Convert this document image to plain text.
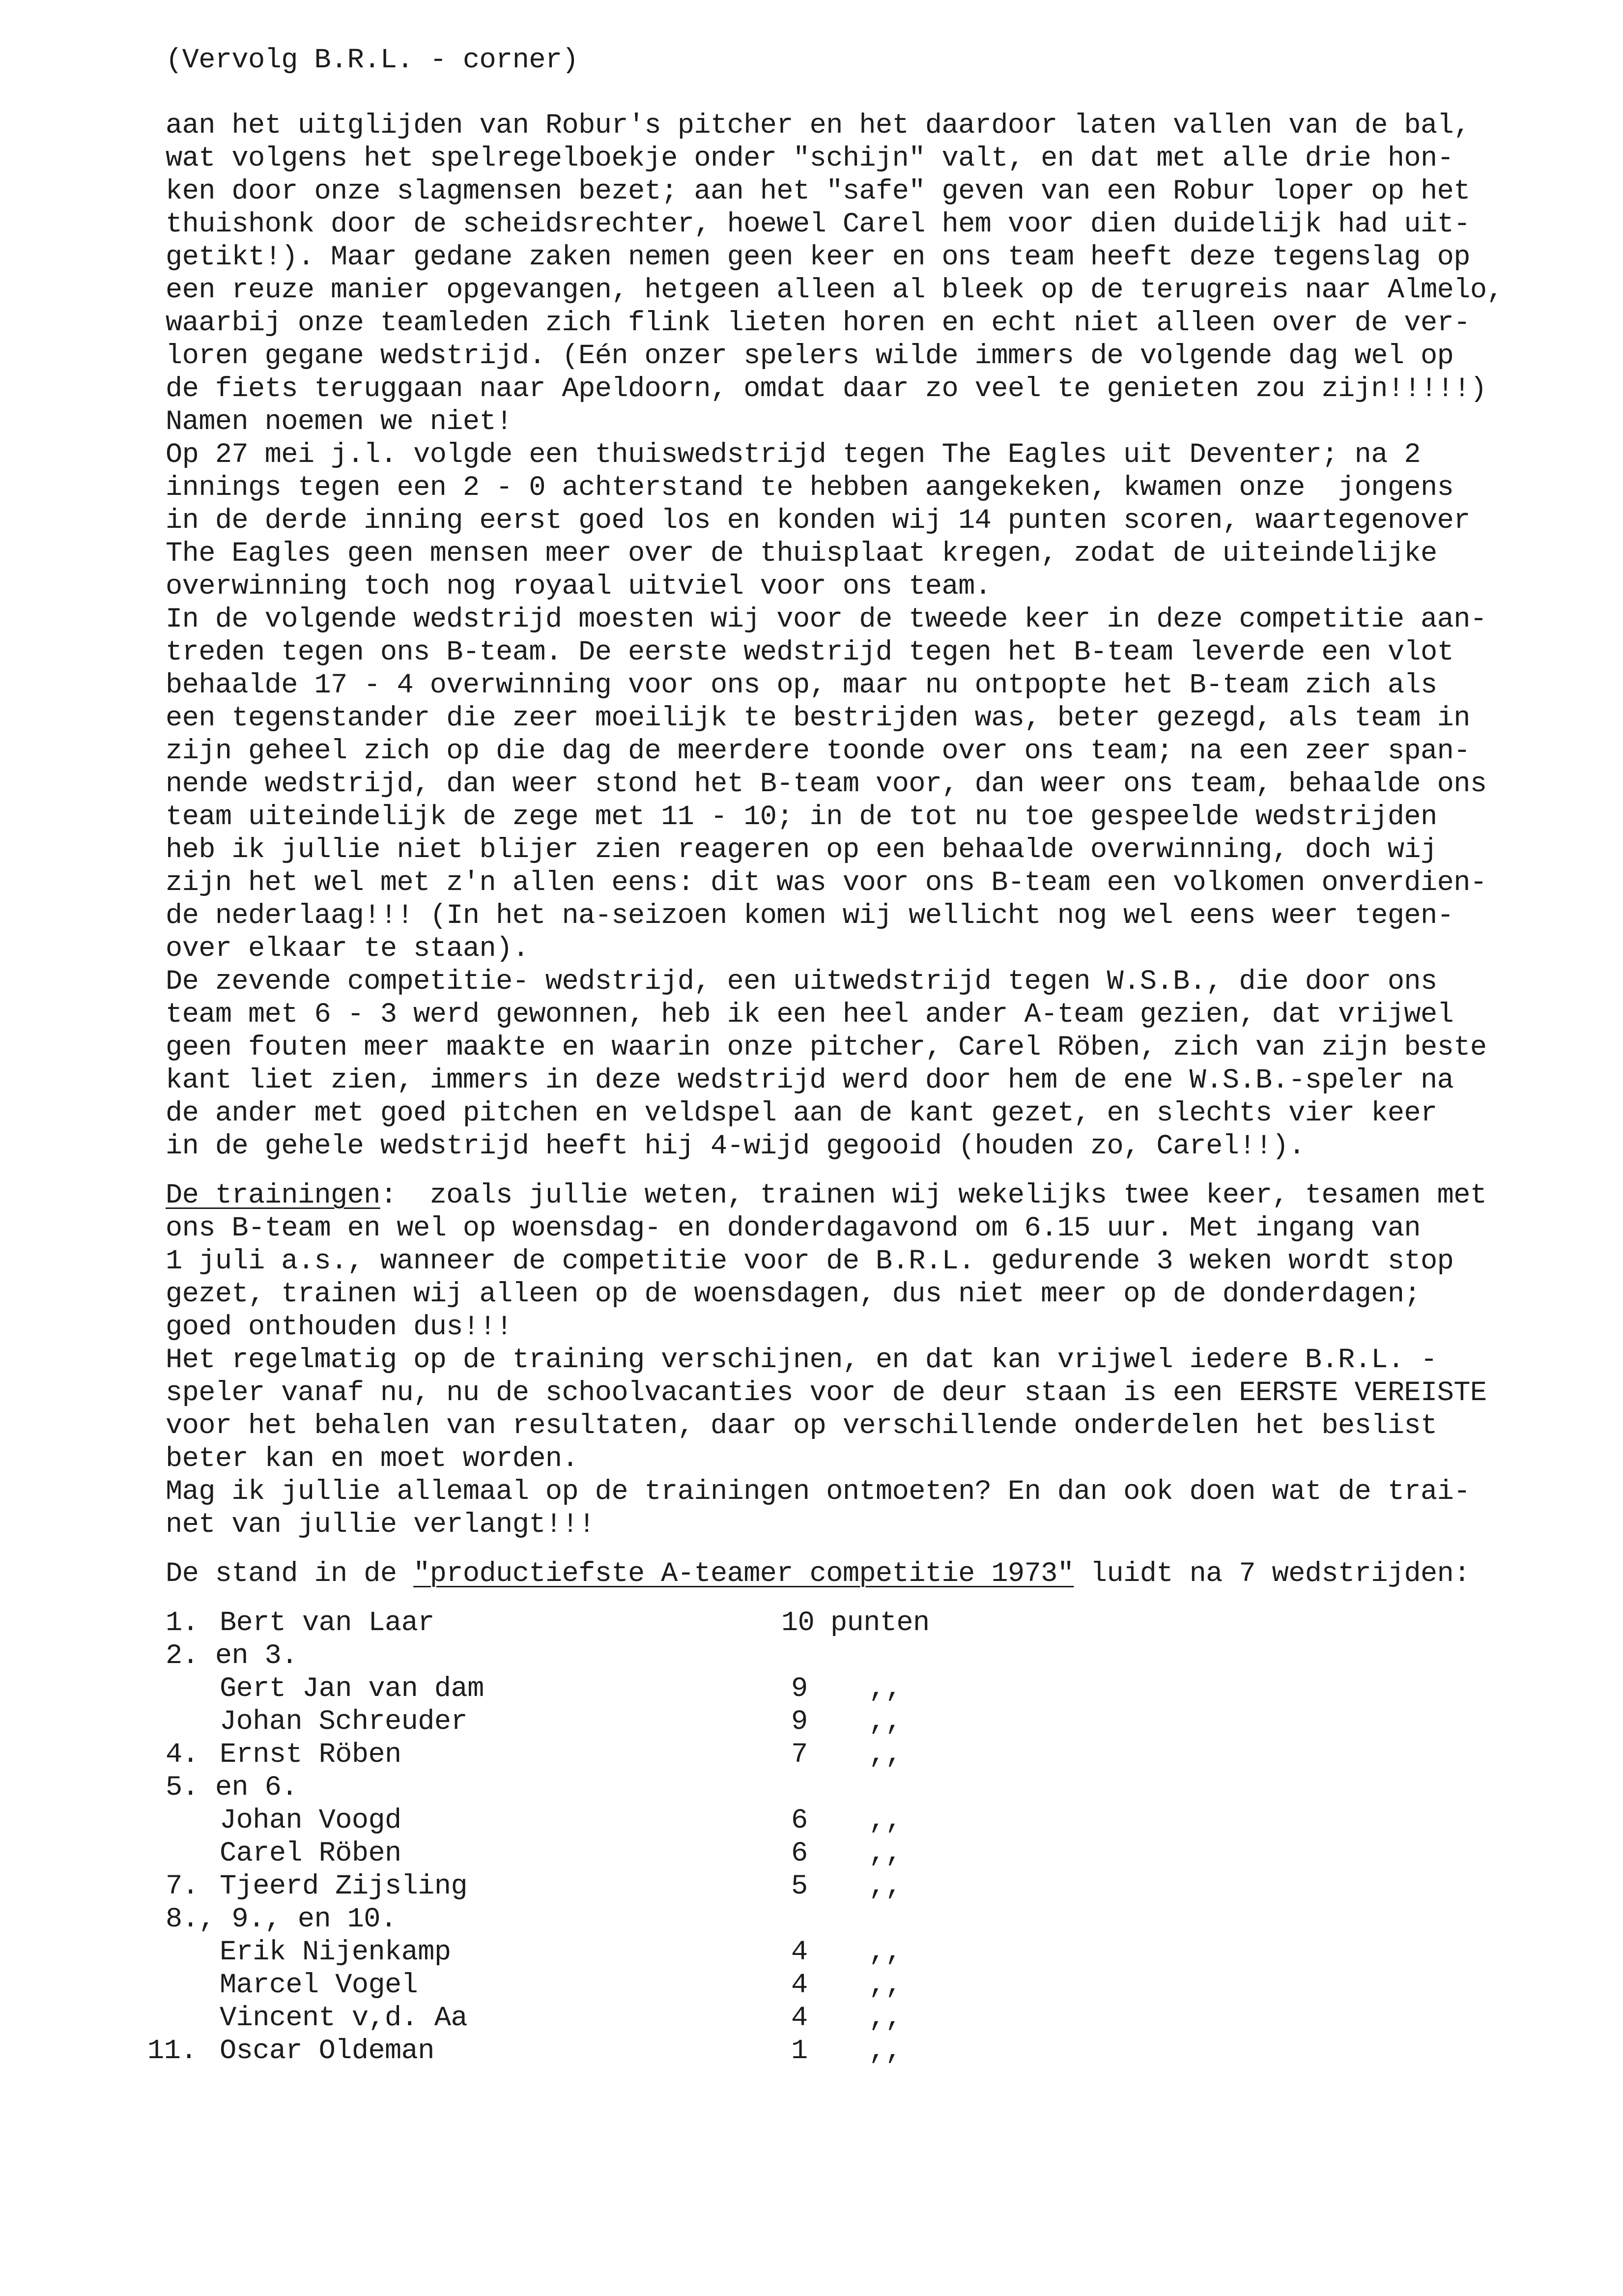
(Vervolg B.R.L. - corner)
aan het uitglijden van Robur's pitcher en het daardoor laten vallen van de bal,
wat volgens het spelregelboekje onder "schijn" valt, en dat met alle drie hon-
ken door onze slagmensen bezet; aan het "safe" geven van een Robur loper op het
thuishonk door de scheidsrechter, hoewel Carel hem voor dien duidelijk had uit-
getikt!). Maar gedane zaken nemen geen keer en ons team heeft deze tegenslag op
een reuze manier opgevangen, hetgeen alleen al bleek op de terugreis naar Almelo,
waarbij onze teamleden zich flink lieten horen en echt niet alleen over de ver-
loren gegane wedstrijd. (Eén onzer spelers wilde immers de volgende dag wel op
de fiets teruggaan naar Apeldoorn, omdat daar zo veel te genieten zou zijn!!!!!)
Namen noemen we niet!
Op 27 mei j.l. volgde een thuiswedstrijd tegen The Eagles uit Deventer; na 2
innings tegen een 2 - 0 achterstand te hebben aangekeken, kwamen onze  jongens
in de derde inning eerst goed los en konden wij 14 punten scoren, waartegenover
The Eagles geen mensen meer over de thuisplaat kregen, zodat de uiteindelijke
overwinning toch nog royaal uitviel voor ons team.
In de volgende wedstrijd moesten wij voor de tweede keer in deze competitie aan-
treden tegen ons B-team. De eerste wedstrijd tegen het B-team leverde een vlot
behaalde 17 - 4 overwinning voor ons op, maar nu ontpopte het B-team zich als
een tegenstander die zeer moeilijk te bestrijden was, beter gezegd, als team in
zijn geheel zich op die dag de meerdere toonde over ons team; na een zeer span-
nende wedstrijd, dan weer stond het B-team voor, dan weer ons team, behaalde ons
team uiteindelijk de zege met 11 - 10; in de tot nu toe gespeelde wedstrijden
heb ik jullie niet blijer zien reageren op een behaalde overwinning, doch wij
zijn het wel met z'n allen eens: dit was voor ons B-team een volkomen onverdien-
de nederlaag!!! (In het na-seizoen komen wij wellicht nog wel eens weer tegen-
over elkaar te staan).
De zevende competitie- wedstrijd, een uitwedstrijd tegen W.S.B., die door ons
team met 6 - 3 werd gewonnen, heb ik een heel ander A-team gezien, dat vrijwel
geen fouten meer maakte en waarin onze pitcher, Carel Röben, zich van zijn beste
kant liet zien, immers in deze wedstrijd werd door hem de ene W.S.B.-speler na
de ander met goed pitchen en veldspel aan de kant gezet, en slechts vier keer
in de gehele wedstrijd heeft hij 4-wijd gegooid (houden zo, Carel!!).
De trainingen:  zoals jullie weten, trainen wij wekelijks twee keer, tesamen met
ons B-team en wel op woensdag- en donderdagavond om 6.15 uur. Met ingang van
1 juli a.s., wanneer de competitie voor de B.R.L. gedurende 3 weken wordt stop
gezet, trainen wij alleen op de woensdagen, dus niet meer op de donderdagen;
goed onthouden dus!!!
Het regelmatig op de training verschijnen, en dat kan vrijwel iedere B.R.L. -
speler vanaf nu, nu de schoolvacanties voor de deur staan is een EERSTE VEREISTE
voor het behalen van resultaten, daar op verschillende onderdelen het beslist
beter kan en moet worden.
Mag ik jullie allemaal op de trainingen ontmoeten? En dan ook doen wat de trai-
net van jullie verlangt!!!
De stand in de "productiefste A-teamer competitie 1973" luidt na 7 wedstrijden:
1. Bert van Laar	10 punten
2. en 3.
Gert Jan van dam	9 ,,
Johan Schreuder	9 ,,
4. Ernst Röben	7 ,,
5. en 6.
Johan Voogd	6 ,,
Carel Röben	6 ,,
7. Tjeerd Zijsling	5 ,,
8., 9., en 10.
Erik Nijenkamp	4 ,,
Marcel Vogel	4 ,,
Vincent v,d. Aa	4 ,,
11. Oscar Oldeman	1 ,,
